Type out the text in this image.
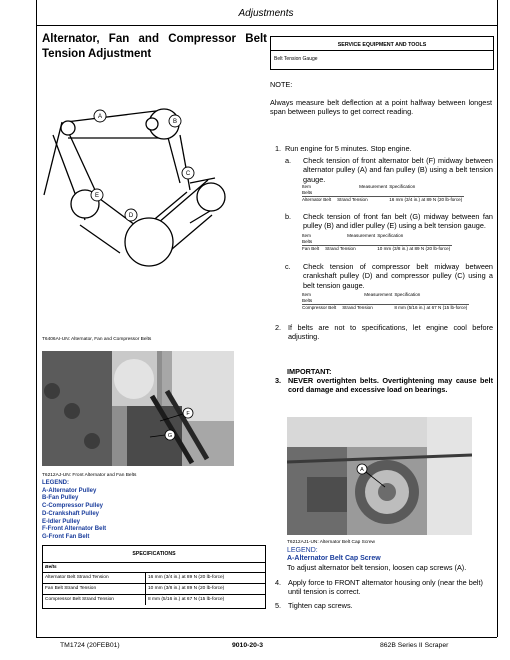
Adjustments
Alternator, Fan and Compressor Belt Tension Adjustment
SERVICE EQUIPMENT AND TOOLS
Belt Tension Gauge
NOTE:
Always measure belt deflection at a point halfway between longest span between pulleys to get correct reading.
A
B
C
D
E
T6406AI-UN: Alternator, Fan and Compressor Belts
F
G
T6212AJ-UN: Front Alternator and Fan Belts
LEGEND:
A-Alternator Pulley
B-Fan Pulley
C-Compressor Pulley
D-Crankshaft Pulley
E-Idler Pulley
F-Front Alternator Belt
G-Front Fan Belt
SPECIFICATIONS
Belts
Alternator Belt Strand Tension	16 mm (3/4 in.) at 89 N (20 lb-force)
Fan Belt Strand Tension	10 mm (3/8 in.) at 89 N (20 lb-force)
Compressor Belt Strand Tension	8 mm (5/16 in.) at 67 N (15 lb-force)
1. Run engine for 5 minutes. Stop engine.
a. Check tension of front alternator belt (F) midway between alternator pulley (A) and fan pulley (B) using a belt tension gauge.
Item	Measurement	Specification
Belts		
Alternator Belt	Strand Tension	16 mm (3/4 in.) at 89 N (20 lb-force)
b. Check tension of front fan belt (G) midway between fan pulley (B) and idler pulley (E) using a belt tension gauge.
Item	Measurement	Specification
Belts		
Fan Belt	Strand Tension	10 mm (3/8 in.) at 89 N (20 lb-force)
c. Check tension of compressor belt midway between crankshaft pulley (D) and compressor pulley (C) using a belt tension gauge.
Item	Measurement	Specification
Belts		
Compressor Belt	Strand Tension	8 mm (5/16 in.) at 67 N (15 lb-force)
2. If belts are not to specifications, let engine cool before adjusting.
IMPORTANT:
3. NEVER overtighten belts. Overtightening may cause belt cord damage and excessive load on bearings.
A
T6212AJ1-UN: Alternator Belt Cap Screw
LEGEND:
A-Alternator Belt Cap Screw
To adjust alternator belt tension, loosen cap screws (A).
4. Apply force to FRONT alternator housing only (near the belt) until tension is correct.
5. Tighten cap screws.
TM1724 (20FEB01)	9010-20-3	862B Series II Scraper
